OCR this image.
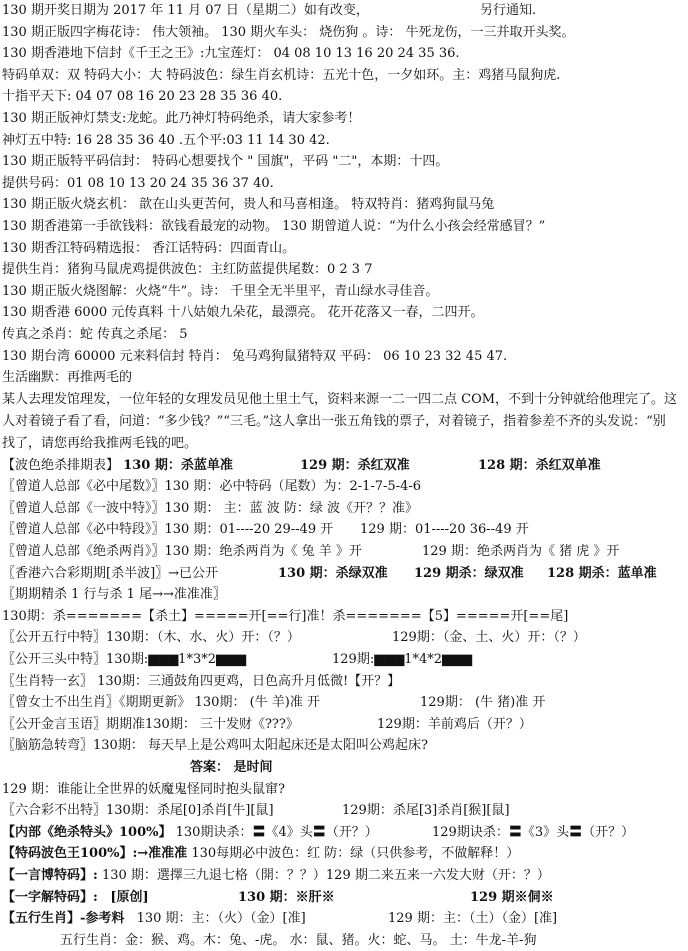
130 期开奖日期为 2017 年 11 月 07 日（星期二）如有改变，	另行通知.
130 期正版四字梅花诗： 伟大领袖。 130 期火车头： 烧伤狗 。诗： 牛死龙伤，一三并取开头奖。
130 期香港地下信封《千王之王》:九宝莲灯： 04 08 10 13 16 20 24 35 36.
特码单双：双 特码大小：大 特码波色：绿生肖玄机诗：五光十色，一夕如环。主：鸡猪马鼠狗虎.
十指平天下: 04 07 08 16 20 23 28 35 36 40.
130 期正版神灯禁支:龙蛇。此乃神灯特码绝杀，请大家参考！
神灯五中特: 16 28 35 36 40 .五个平:03 11 14 30 42.
130 期正版特平码信封： 特码心想要找个 " 国旗"，平码 "二"，本期：十四。
提供号码：01 08 10 13 20 24 35 36 37 40.
130 期正版火烧玄机： 歆在山头更苦何，贵人和马喜相逢。 特双特肖：猪鸡狗鼠马兔
130 期香港第一手欲钱料：欲钱看最宠的动物。 130 期曾道人说：“为什么小孩会经常感冒？”
130 期香江特码精选报： 香江话特码：四面青山。
提供生肖：猪狗马鼠虎鸡提供波色：主红防蓝提供尾数：0 2 3 7
130 期正版火烧图解：火烧“牛”。诗： 千里全无半里平，青山绿水寻佳音。
130 期香港 6000 元传真料 十八姑娘九朵花，最漂亮。 花开花落又一春，二四开。
传真之杀肖：蛇 传真之杀尾： 5
130 期台湾 60000 元来料信封 特肖： 兔马鸡狗鼠猪特双 平码： 06 10 23 32 45 47.
生活幽默：再推两毛的
某人去理发馆理发，一位年轻的女理发员见他土里土气，资料来源一二一四二点 COM，不到十分钟就给他理完了。这人对着镜子看了看，问道：“多少钱？”“三毛。”这人拿出一张五角钱的票子，对着镜子，指着参差不齐的头发说：“别找了，请您再给我推两毛钱的吧。
【波色绝杀排期表】 130 期：杀蓝单准	129 期：杀红双准	128 期：杀红双单准
〖曾道人总部《必中尾数》〗130 期：必中特码（尾数）为：2-1-7-5-4-6
〖曾道人总部《一波中特》〗130 期： 主：蓝 波 防：绿 波《开？？准》
〖曾道人总部《必中特段》〗130 期：01----20 29--49 开 129 期：01----20 36--49 开
〖曾道人总部《绝杀两肖》〗130 期：绝杀两肖为《 兔 羊 》开	129 期：绝杀两肖为《 猪 虎 》开
〖香港六合彩期期[杀半波]〗→已公开	130 期：杀绿双准 129 期杀：绿双准 128 期杀：蓝单准
〖期期精杀 1 行与杀 1 尾→→准准准〗
130期：杀=======【杀土】=====开[==行]准！杀=======【5】=====开[==尾]
〖公开五行中特〗130期：（木、水、火）开：（？）	129期：（金、土、火）开：（？）
〖公开三头中特〗130期:▆▆▆1*3*2▆▆▆	129期:▆▆▆1*4*2▆▆▆
〖生肖特一玄〗 130期：三通鼓角四更鸡，日色高升月低微!【开？】
〖曾女士不出生肖〗《期期更新》 130期： (牛 羊)准 开	129期： (牛 猪)准 开
〖公开金言玉语〗期期准130期： 三十发财《???》	129期：羊前鸡后（开？）
〖脑筋急转弯〗130期： 每天早上是公鸡叫太阳起床还是太阳叫公鸡起床?
答案： 是时间
129 期：谁能让全世界的妖魔鬼怪同时抱头鼠窜?
〖六合彩不出特〗130期：杀尾[0]杀肖[牛][鼠]	129期：杀尾[3]杀肖[猴][鼠]
【内部《绝杀特头》100%】 130期诀杀：〓《4》头〓（开？）	129期诀杀：〓《3》头〓（开？）
【特码波色王100%】:→准准准 130每期必中波色：红 防：绿（只供参考，不做解释！）
【一言博特码】: 130 期：選擇三九退七格（開：？？）129 期二来五来一六发大财（开：？）
【一字解特码】: [原创]	130 期：※肝※	129 期※侗※
【五行生肖】-参考料 130 期：主：（火）（金）[准]	129 期：主：（土）（金）[准]
五行生肖：金：猴、鸡。木：兔、-虎。 水：鼠、猪。火：蛇、马。 土：牛龙-羊-狗
